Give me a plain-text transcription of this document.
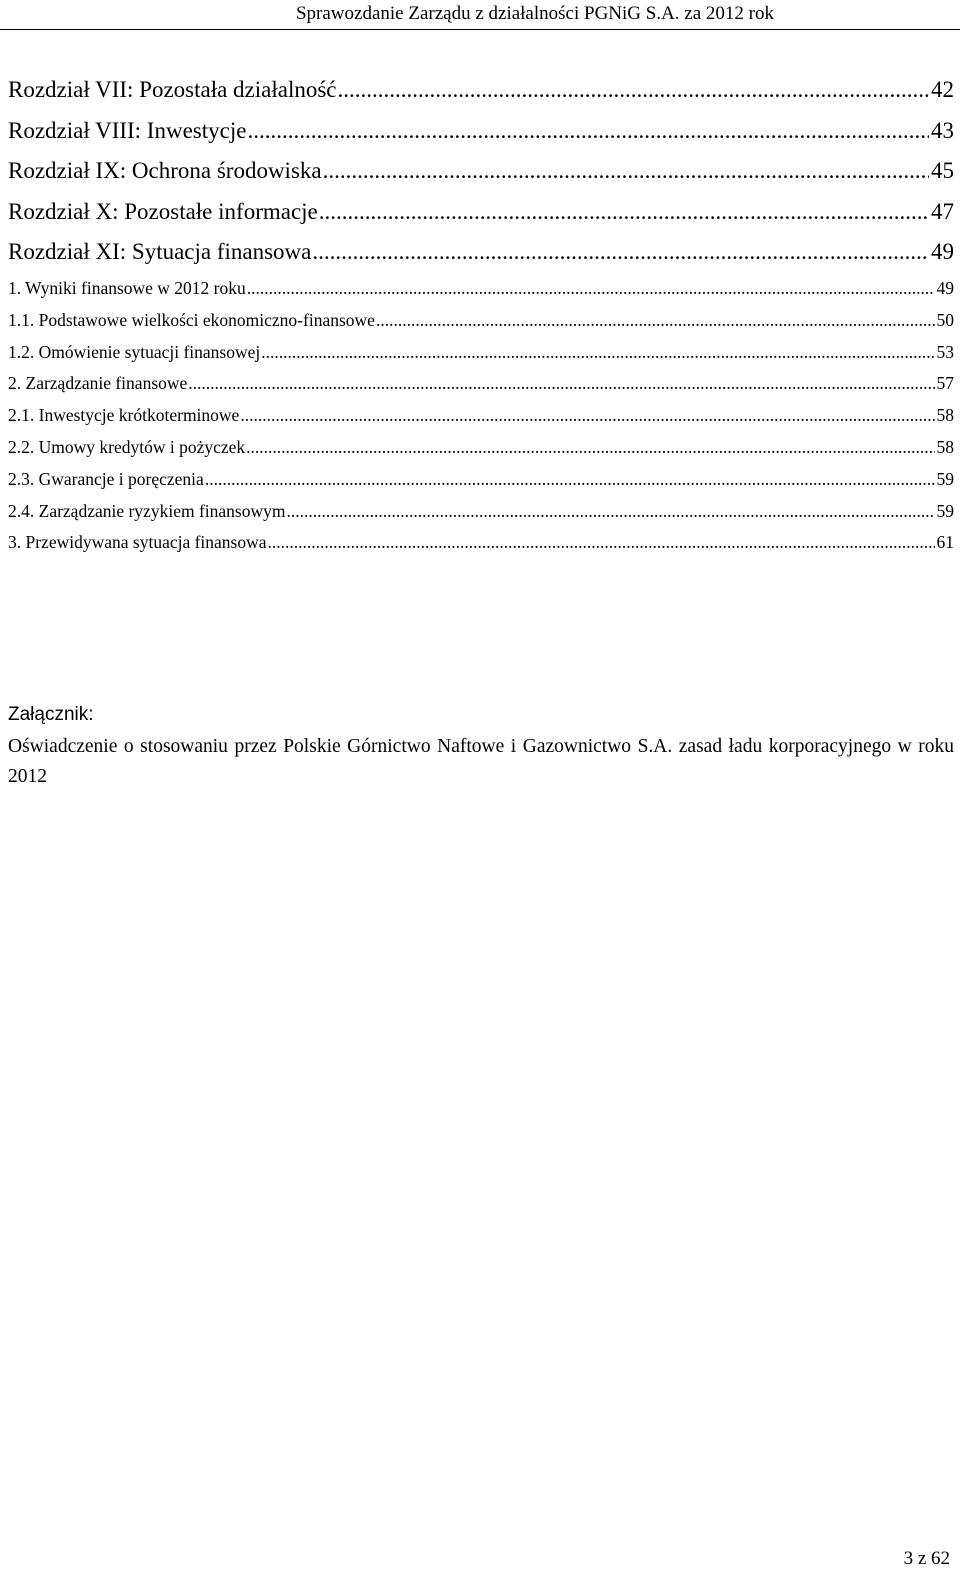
Sprawozdanie Zarządu z działalności PGNiG S.A. za 2012 rok
Rozdział VII: Pozostała działalność .....	42
Rozdział VIII: Inwestycje .....	43
Rozdział IX: Ochrona środowiska .....	45
Rozdział X: Pozostałe informacje .....	47
Rozdział XI: Sytuacja finansowa .....	49
1. Wyniki finansowe w 2012 roku .....	49
1.1. Podstawowe wielkości ekonomiczno-finansowe .....	50
1.2. Omówienie sytuacji finansowej .....	53
2. Zarządzanie finansowe .....	57
2.1. Inwestycje krótkoterminowe .....	58
2.2. Umowy kredytów i pożyczek .....	58
2.3. Gwarancje i poręczenia .....	59
2.4. Zarządzanie ryzykiem finansowym .....	59
3. Przewidywana sytuacja finansowa .....	61
Załącznik:
Oświadczenie o stosowaniu przez Polskie Górnictwo Naftowe i Gazownictwo S.A. zasad ładu korporacyjnego w roku 2012
3 z 62
